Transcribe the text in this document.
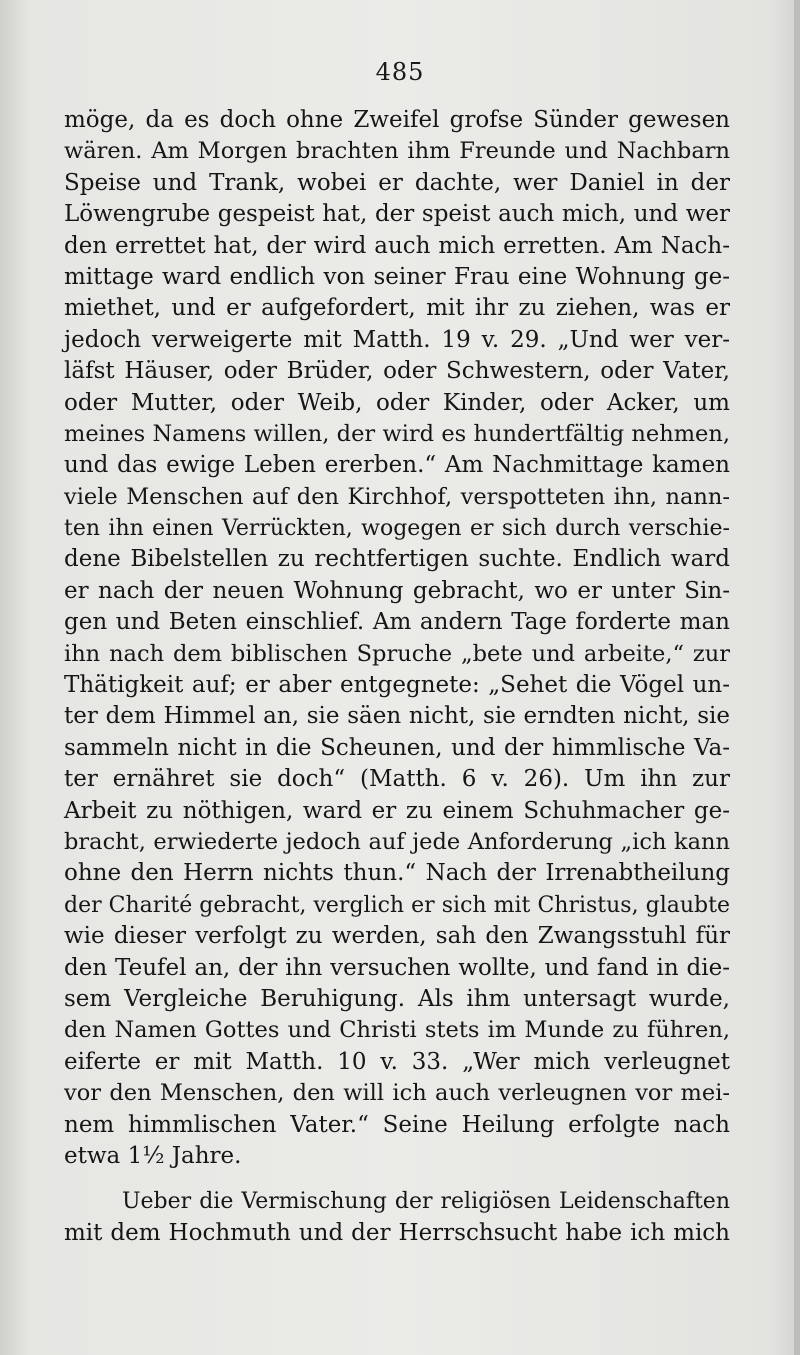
485
möge, da es doch ohne Zweifel grofse Sünder gewesen
wären. Am Morgen brachten ihm Freunde und Nachbarn
Speise und Trank, wobei er dachte, wer Daniel in der
Löwengrube gespeist hat, der speist auch mich, und wer
den errettet hat, der wird auch mich erretten. Am Nach-
mittage ward endlich von seiner Frau eine Wohnung ge-
miethet, und er aufgefordert, mit ihr zu ziehen, was er
jedoch verweigerte mit Matth. 19 v. 29. „Und wer ver-
läfst Häuser, oder Brüder, oder Schwestern, oder Vater,
oder Mutter, oder Weib, oder Kinder, oder Acker, um
meines Namens willen, der wird es hundertfältig nehmen,
und das ewige Leben ererben.“ Am Nachmittage kamen
viele Menschen auf den Kirchhof, verspotteten ihn, nann-
ten ihn einen Verrückten, wogegen er sich durch verschie-
dene Bibelstellen zu rechtfertigen suchte. Endlich ward
er nach der neuen Wohnung gebracht, wo er unter Sin-
gen und Beten einschlief. Am andern Tage forderte man
ihn nach dem biblischen Spruche „bete und arbeite,“ zur
Thätigkeit auf; er aber entgegnete: „Sehet die Vögel un-
ter dem Himmel an, sie säen nicht, sie erndten nicht, sie
sammeln nicht in die Scheunen, und der himmlische Va-
ter ernähret sie doch“ (Matth. 6 v. 26). Um ihn zur
Arbeit zu nöthigen, ward er zu einem Schuhmacher ge-
bracht, erwiederte jedoch auf jede Anforderung „ich kann
ohne den Herrn nichts thun.“ Nach der Irrenabtheilung
der Charité gebracht, verglich er sich mit Christus, glaubte
wie dieser verfolgt zu werden, sah den Zwangsstuhl für
den Teufel an, der ihn versuchen wollte, und fand in die-
sem Vergleiche Beruhigung. Als ihm untersagt wurde,
den Namen Gottes und Christi stets im Munde zu führen,
eiferte er mit Matth. 10 v. 33. „Wer mich verleugnet
vor den Menschen, den will ich auch verleugnen vor mei-
nem himmlischen Vater.“ Seine Heilung erfolgte nach
etwa 1½ Jahre.
Ueber die Vermischung der religiösen Leidenschaften
mit dem Hochmuth und der Herrschsucht habe ich mich
